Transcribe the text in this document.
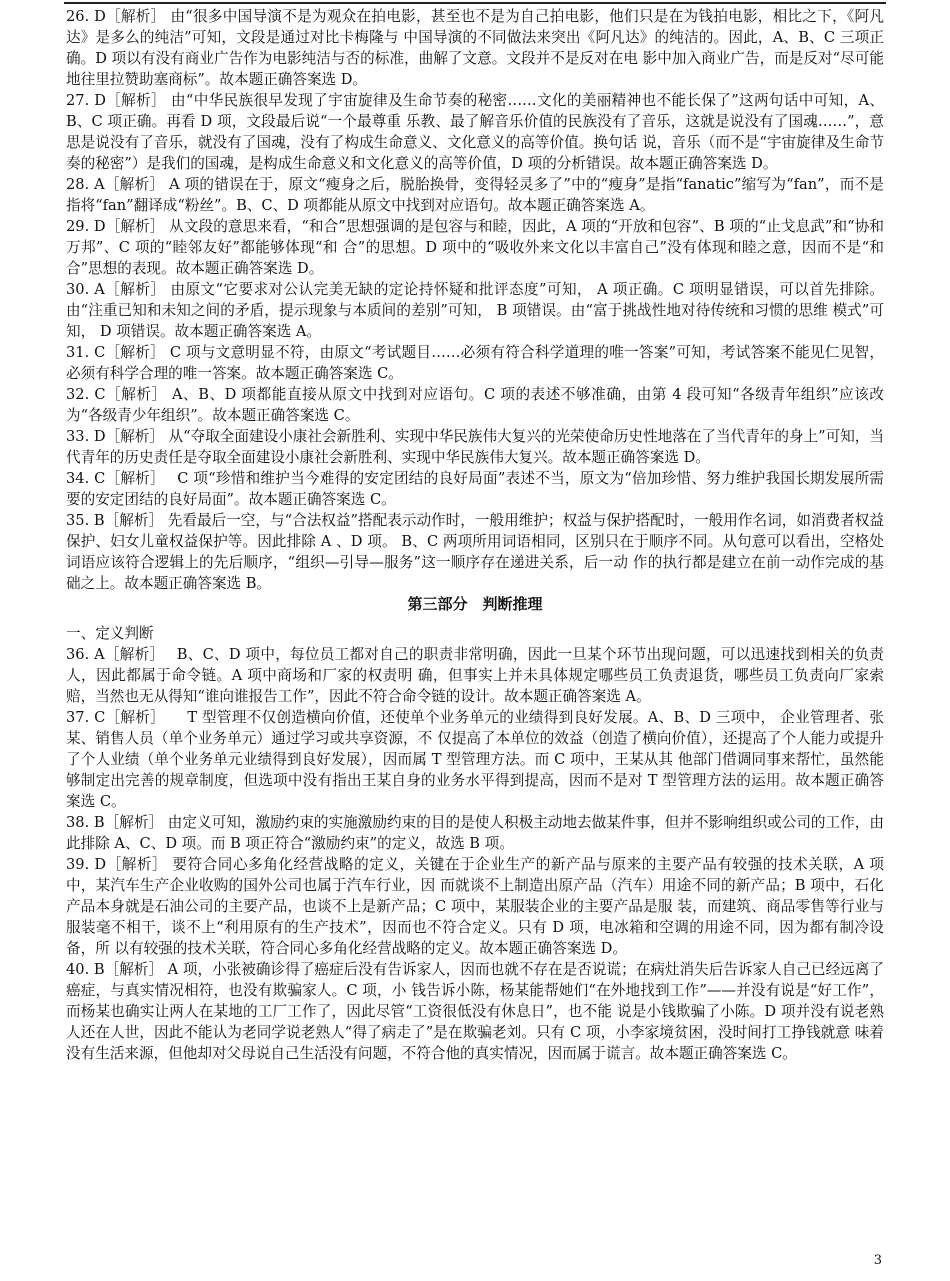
26. D［解析］ 由“很多中国导演不是为观众在拍电影，甚至也不是为自己拍电影，他们只是在为钱拍电影，相比之下，《阿凡达》是多么的纯洁”可知，文段是通过对比卡梅隆与 中国导演的不同做法来突出《阿凡达》的纯洁的。因此，A、B、C 三项正确。D 项以有没有商业广告作为电影纯洁与否的标准，曲解了文意。文段并不是反对在电 影中加入商业广告，而是反对“尽可能地往里拉赞助塞商标”。故本题正确答案选 D。

27. D［解析］ 由“中华民族很早发现了宇宙旋律及生命节奏的秘密……文化的美丽精神也不能长保了”这两句话中可知，A、B、C 项正确。再看 D 项，文段最后说“一个最尊重 乐教、最了解音乐价值的民族没有了音乐，这就是说没有了国魂……”，意思是说没有了音乐，就没有了国魂，没有了构成生命意义、文化意义的高等价值。换句话 说，音乐（而不是“宇宙旋律及生命节奏的秘密”）是我们的国魂，是构成生命意义和文化意义的高等价值，D 项的分析错误。故本题正确答案选 D。

28. A［解析］ A 项的错误在于，原文“瘦身之后，脱胎换骨，变得轻灵多了”中的“瘦身”是指“fanatic”缩写为“fan”，而不是指将“fan”翻译成“粉丝”。B、C、D 项都能从原文中找到对应语句。故本题正确答案选 A。

29. D［解析］ 从文段的意思来看，“和合”思想强调的是包容与和睦，因此，A 项的“开放和包容”、B 项的“止戈息武”和“协和万邦”、C 项的“睦邻友好”都能够体现“和 合”的思想。D 项中的“吸收外来文化以丰富自己”没有体现和睦之意，因而不是“和合”思想的表现。故本题正确答案选 D。

30. A［解析］ 由原文“它要求对公认完美无缺的定论持怀疑和批评态度”可知， A 项正确。C 项明显错误，可以首先排除。由“注重已知和未知之间的矛盾，提示现象与本质间的差别”可知， B 项错误。由“富于挑战性地对待传统和习惯的思维 模式”可知， D 项错误。故本题正确答案选 A。

31. C［解析］ C 项与文意明显不符，由原文“考试题目……必须有符合科学道理的唯一答案”可知，考试答案不能见仁见智，必须有科学合理的唯一答案。故本题正确答案选 C。

32. C［解析］ A、B、D 项都能直接从原文中找到对应语句。C 项的表述不够准确，由第 4 段可知“各级青年组织”应该改为“各级青少年组织”。故本题正确答案选 C。

33. D［解析］ 从“夺取全面建设小康社会新胜利、实现中华民族伟大复兴的光荣使命历史性地落在了当代青年的身上”可知，当代青年的历史责任是夺取全面建设小康社会新胜利、实现中华民族伟大复兴。故本题正确答案选 D。

34. C［解析］　 C 项“珍惜和维护当今难得的安定团结的良好局面”表述不当，原文为“倍加珍惜、努力维护我国长期发展所需要的安定团结的良好局面”。故本题正确答案选 C。

35. B［解析］ 先看最后一空，与“合法权益”搭配表示动作时，一般用维护；权益与保护搭配时，一般用作名词，如消费者权益保护、妇女儿童权益保护等。因此排除 A 、D 项。 B、C 两项所用词语相同，区别只在于顺序不同。从句意可以看出，空格处词语应该符合逻辑上的先后顺序，“组织—引导—服务”这一顺序存在递进关系，后一动 作的执行都是建立在前一动作完成的基础之上。故本题正确答案选 B。

第三部分　判断推理

一、定义判断

36. A［解析］　 B、C、D 项中，每位员工都对自己的职责非常明确，因此一旦某个环节出现问题，可以迅速找到相关的负责人，因此都属于命令链。A 项中商场和厂家的权责明 确，但事实上并未具体规定哪些员工负责退货，哪些员工负责向厂家索赔，当然也无从得知“谁向谁报告工作”，因此不符合命令链的设计。故本题正确答案选 A。

37. C［解析］　　T 型管理不仅创造横向价值，还使单个业务单元的业绩得到良好发展。A、B、D 三项中， 企业管理者、张某、销售人员（单个业务单元）通过学习或共享资源，不 仅提高了本单位的效益（创造了横向价值），还提高了个人能力或提升了个人业绩（单个业务单元业绩得到良好发展），因而属 T 型管理方法。而 C 项中，王某从其 他部门借调同事来帮忙，虽然能够制定出完善的规章制度，但选项中没有指出王某自身的业务水平得到提高，因而不是对 T 型管理方法的运用。故本题正确答案选 C。

38. B［解析］ 由定义可知，激励约束的实施激励约束的目的是使人积极主动地去做某件事，但并不影响组织或公司的工作，由此排除 A、C、D 项。而 B 项正符合“激励约束”的定义，故选 B 项。

39. D［解析］ 要符合同心多角化经营战略的定义，关键在于企业生产的新产品与原来的主要产品有较强的技术关联，A 项中，某汽车生产企业收购的国外公司也属于汽车行业，因 而就谈不上制造出原产品（汽车）用途不同的新产品；B 项中，石化产品本身就是石油公司的主要产品，也谈不上是新产品；C 项中，某服装企业的主要产品是服 装，而建筑、商品零售等行业与服装毫不相干，谈不上“利用原有的生产技术”，因而也不符合定义。只有 D 项，电冰箱和空调的用途不同，因为都有制冷设备，所 以有较强的技术关联，符合同心多角化经营战略的定义。故本题正确答案选 D。

40. B［解析］ A 项，小张被确诊得了癌症后没有告诉家人，因而也就不存在是否说谎；在病灶消失后告诉家人自己已经远离了癌症，与真实情况相符，也没有欺骗家人。C 项，小 钱告诉小陈，杨某能帮她们“在外地找到工作”——并没有说是“好工作”，而杨某也确实让两人在某地的工厂工作了，因此尽管“工资很低没有休息日”，也不能 说是小钱欺骗了小陈。D 项并没有说老熟人还在人世，因此不能认为老同学说老熟人“得了病走了”是在欺骗老刘。只有 C 项，小李家境贫困，没时间打工挣钱就意 味着没有生活来源，但他却对父母说自己生活没有问题，不符合他的真实情况，因而属于谎言。故本题正确答案选 C。

3
